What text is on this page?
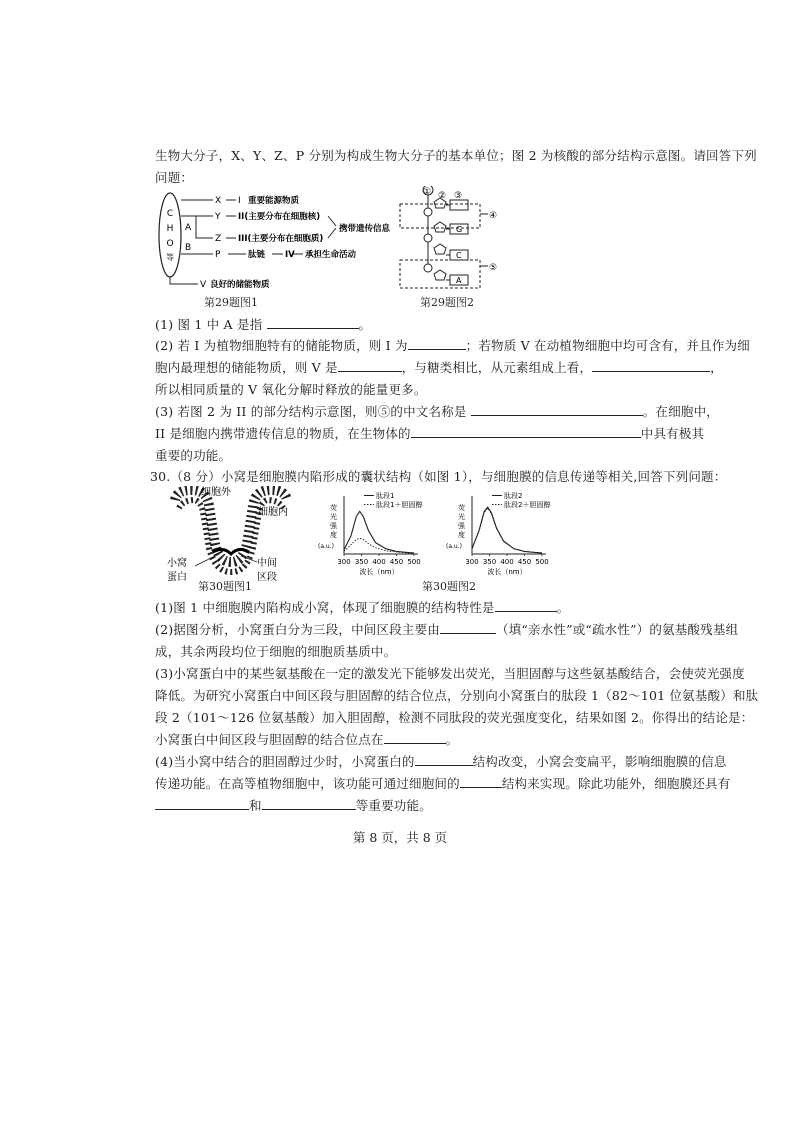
生物大分子，X、Y、Z、P 分别为构成生物大分子的基本单位；图 2 为核酸的部分结构示意图。请回答下列
问题：
C
H
O
等
A
B
X I 重要能源物质
Y II(主要分布在细胞核)
Z III(主要分布在细胞质)
携带遗传信息
P	肽链 IV 承担生命活动
V 良好的储能物质
第29题图1
G
C
A
① ② ③
④
⑤
第29题图2
(1) 图 1 中 A 是指	。
(2) 若 I 为植物细胞特有的储能物质，则 I 为	；若物质 V 在动植物细胞中均可含有，并且作为细
胞内最理想的储能物质，则 V 是	，与糖类相比，从元素组成上看，	，
所以相同质量的 V 氧化分解时释放的能量更多。
(3) 若图 2 为 II 的部分结构示意图，则⑤的中文名称是	。在细胞中，
II 是细胞内携带遗传信息的物质，在生物体的	中具有极其
重要的功能。
30.（8 分）小窝是细胞膜内陷形成的囊状结构（如图 1），与细胞膜的信息传递等相关,回答下列问题：
细胞外
细胞内
小窝
蛋白
中间
区段
第30题图1
荧
光
强
度
(a.u.)
300 350 400 450 500
波长（nm）
肽段1
肽段1＋胆固醇	荧
光
强
度
(a.u.)
300 350 400 450 500
波长（nm）
肽段2
肽段2＋胆固醇
第30题图2
(1)图 1 中细胞膜内陷构成小窝，体现了细胞膜的结构特性是	。
(2)据图分析，小窝蛋白分为三段，中间区段主要由	（填“亲水性”或“疏水性”）的氨基酸残基组
成，其余两段均位于细胞的细胞质基质中。
(3)小窝蛋白中的某些氨基酸在一定的激发光下能够发出荧光，当胆固醇与这些氨基酸结合，会使荧光强度
降低。为研究小窝蛋白中间区段与胆固醇的结合位点，分别向小窝蛋白的肽段 1（82～101 位氨基酸）和肽
段 2（101～126 位氨基酸）加入胆固醇，检测不同肽段的荧光强度变化，结果如图 2。你得出的结论是：
小窝蛋白中间区段与胆固醇的结合位点在	。
(4)当小窝中结合的胆固醇过少时，小窝蛋白的	结构改变，小窝会变扁平，影响细胞膜的信息
传递功能。在高等植物细胞中，该功能可通过细胞间的	结构来实现。除此功能外，细胞膜还具有
和	等重要功能。
第 8 页，共 8 页
